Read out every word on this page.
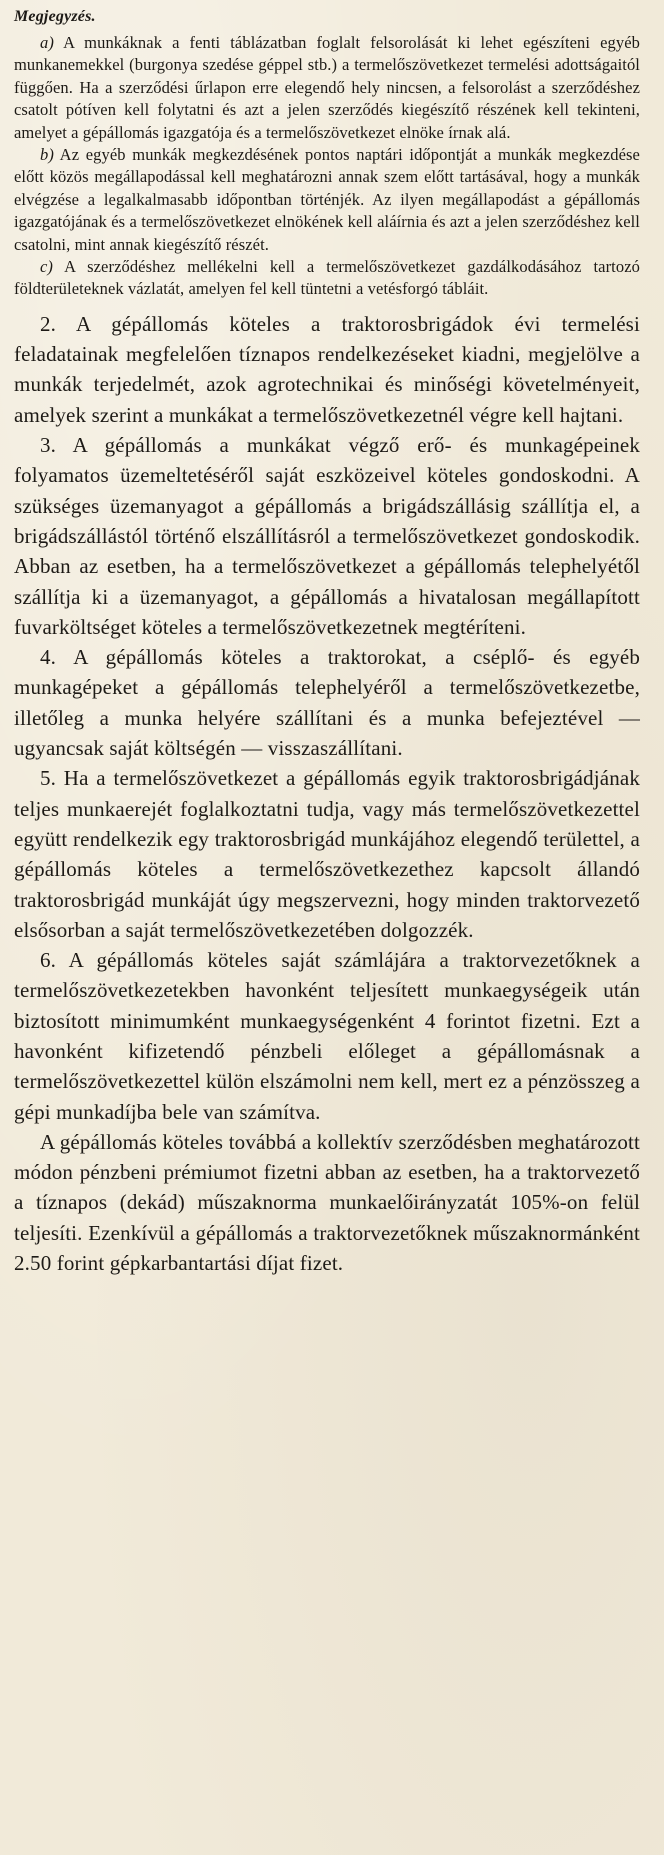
Megjegyzés.

a) A munkáknak a fenti táblázatban foglalt felsorolását ki lehet egészíteni egyéb munkanemekkel (burgonya szedése géppel stb.) a termelőszövetkezet termelési adottságaitól függően. Ha a szerződési űrlapon erre elegendő hely nincsen, a felsorolást a szerződéshez csatolt pótíven kell folytatni és azt a jelen szerződés kiegészítő részének kell tekinteni, amelyet a gépállomás igazgatója és a termelőszövetkezet elnöke írnak alá.

b) Az egyéb munkák megkezdésének pontos naptári időpontját a munkák megkezdése előtt közös megállapodással kell meghatározni annak szem előtt tartásával, hogy a munkák elvégzése a legalkalmasabb időpontban történjék. Az ilyen megállapodást a gépállomás igazgatójának és a termelőszövetkezet elnökének kell aláírnia és azt a jelen szerződéshez kell csatolni, mint annak kiegészítő részét.

c) A szerződéshez mellékelni kell a termelőszövetkezet gazdálkodásához tartozó földterületeknek vázlatát, amelyen fel kell tüntetni a vetésforgó tábláit.

2. A gépállomás köteles a traktorosbrigádok évi termelési feladatainak megfelelően tíznapos rendelkezéseket kiadni, megjelölve a munkák terjedelmét, azok agrotechnikai és minőségi követelményeit, amelyek szerint a munkákat a termelőszövetkezetnél végre kell hajtani.

3. A gépállomás a munkákat végző erő- és munkagépeinek folyamatos üzemeltetéséről saját eszközeivel köteles gondoskodni. A szükséges üzemanyagot a gépállomás a brigádszállásig szállítja el, a brigádszállástól történő elszállításról a termelőszövetkezet gondoskodik. Abban az esetben, ha a termelőszövetkezet a gépállomás telephelyétől szállítja ki a üzemanyagot, a gépállomás a hivatalosan megállapított fuvarköltséget köteles a termelőszövetkezetnek megtéríteni.

4. A gépállomás köteles a traktorokat, a cséplő- és egyéb munkagépeket a gépállomás telephelyéről a termelőszövetkezetbe, illetőleg a munka helyére szállítani és a munka befejeztével — ugyancsak saját költségén — visszaszállítani.

5. Ha a termelőszövetkezet a gépállomás egyik traktorosbrigádjának teljes munkaerejét foglalkoztatni tudja, vagy más termelőszövetkezettel együtt rendelkezik egy traktorosbrigád munkájához elegendő területtel, a gépállomás köteles a termelőszövetkezethez kapcsolt állandó traktorosbrigád munkáját úgy megszervezni, hogy minden traktorvezető elsősorban a saját termelőszövetkezetében dolgozzék.

6. A gépállomás köteles saját számlájára a traktorvezetőknek a termelőszövetkezetekben havonként teljesített munkaegységeik után biztosított minimumként munkaegységenként 4 forintot fizetni. Ezt a havonként kifizetendő pénzbeli előleget a gépállomásnak a termelőszövetkezettel külön elszámolni nem kell, mert ez a pénzösszeg a gépi munkadíjba bele van számítva.

A gépállomás köteles továbbá a kollektív szerződésben meghatározott módon pénzbeni prémiumot fizetni abban az esetben, ha a traktorvezető a tíznapos (dekád) műszaknorma munkaelőirányzatát 105%-on felül teljesíti. Ezenkívül a gépállomás a traktorvezetőknek műszaknormánként 2.50 forint gépkarbantartási díjat fizet.
